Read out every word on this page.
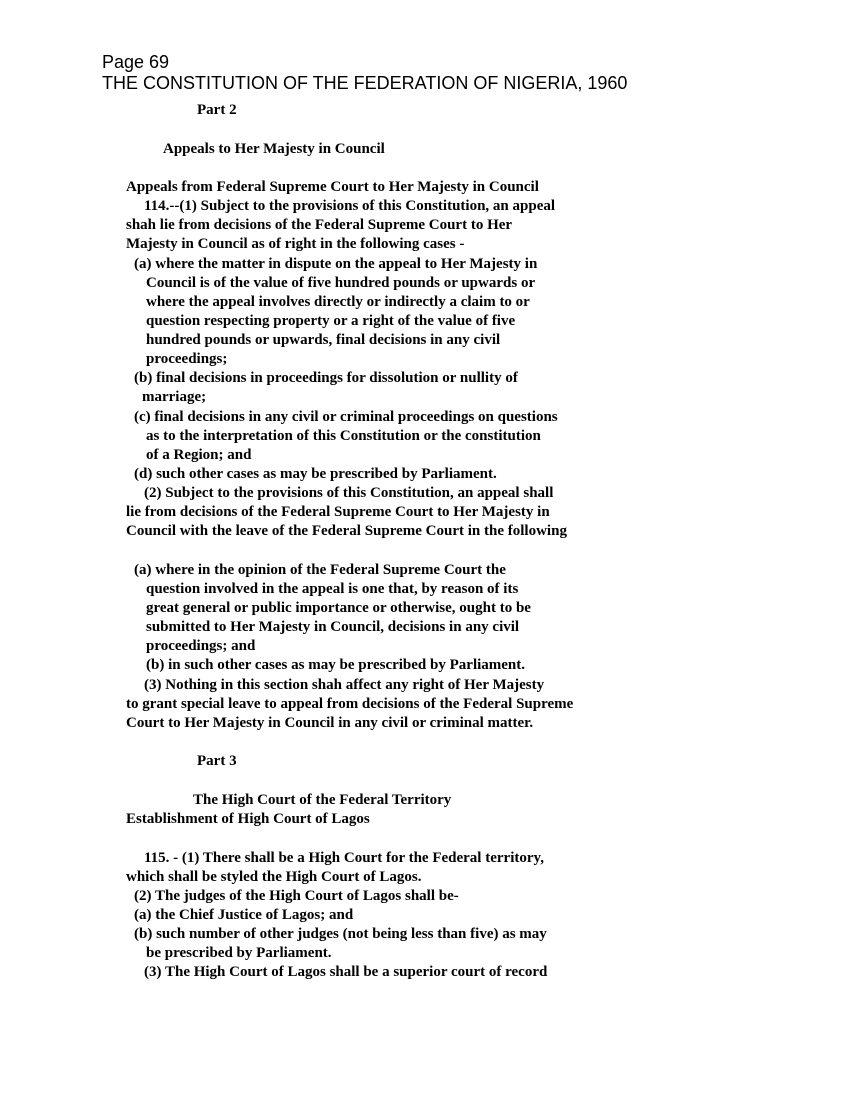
Page 69
THE CONSTITUTION OF THE FEDERATION OF NIGERIA, 1960
Part 2
Appeals to Her Majesty in Council
Appeals from Federal Supreme Court to Her Majesty in Council
114.--(1) Subject to the provisions of this Constitution, an appeal
shah lie from decisions of the Federal Supreme Court to Her
Majesty in Council as of right in the following cases -
(a) where the matter in dispute on the appeal to Her Majesty in
Council is of the value of five hundred pounds or upwards or
where the appeal involves directly or indirectly a claim to or
question respecting property or a right of the value of five
hundred pounds or upwards, final decisions in any civil
proceedings;
(b) final decisions in proceedings for dissolution or nullity of
marriage;
(c) final decisions in any civil or criminal proceedings on questions
as to the interpretation of this Constitution or the constitution
of a Region; and
(d) such other cases as may be prescribed by Parliament.
(2) Subject to the provisions of this Constitution, an appeal shall
lie from decisions of the Federal Supreme Court to Her Majesty in
Council with the leave of the Federal Supreme Court in the following
(a) where in the opinion of the Federal Supreme Court the
question involved in the appeal is one that, by reason of its
great general or public importance or otherwise, ought to be
submitted to Her Majesty in Council, decisions in any civil
proceedings; and
(b) in such other cases as may be prescribed by Parliament.
(3) Nothing in this section shah affect any right of Her Majesty
to grant special leave to appeal from decisions of the Federal Supreme
Court to Her Majesty in Council in any civil or criminal matter.
Part 3
The High Court of the Federal Territory
Establishment of High Court of Lagos
115. - (1) There shall be a High Court for the Federal territory,
which shall be styled the High Court of Lagos.
(2) The judges of the High Court of Lagos shall be-
(a) the Chief Justice of Lagos; and
(b) such number of other judges (not being less than five) as may
be prescribed by Parliament.
(3) The High Court of Lagos shall be a superior court of record
